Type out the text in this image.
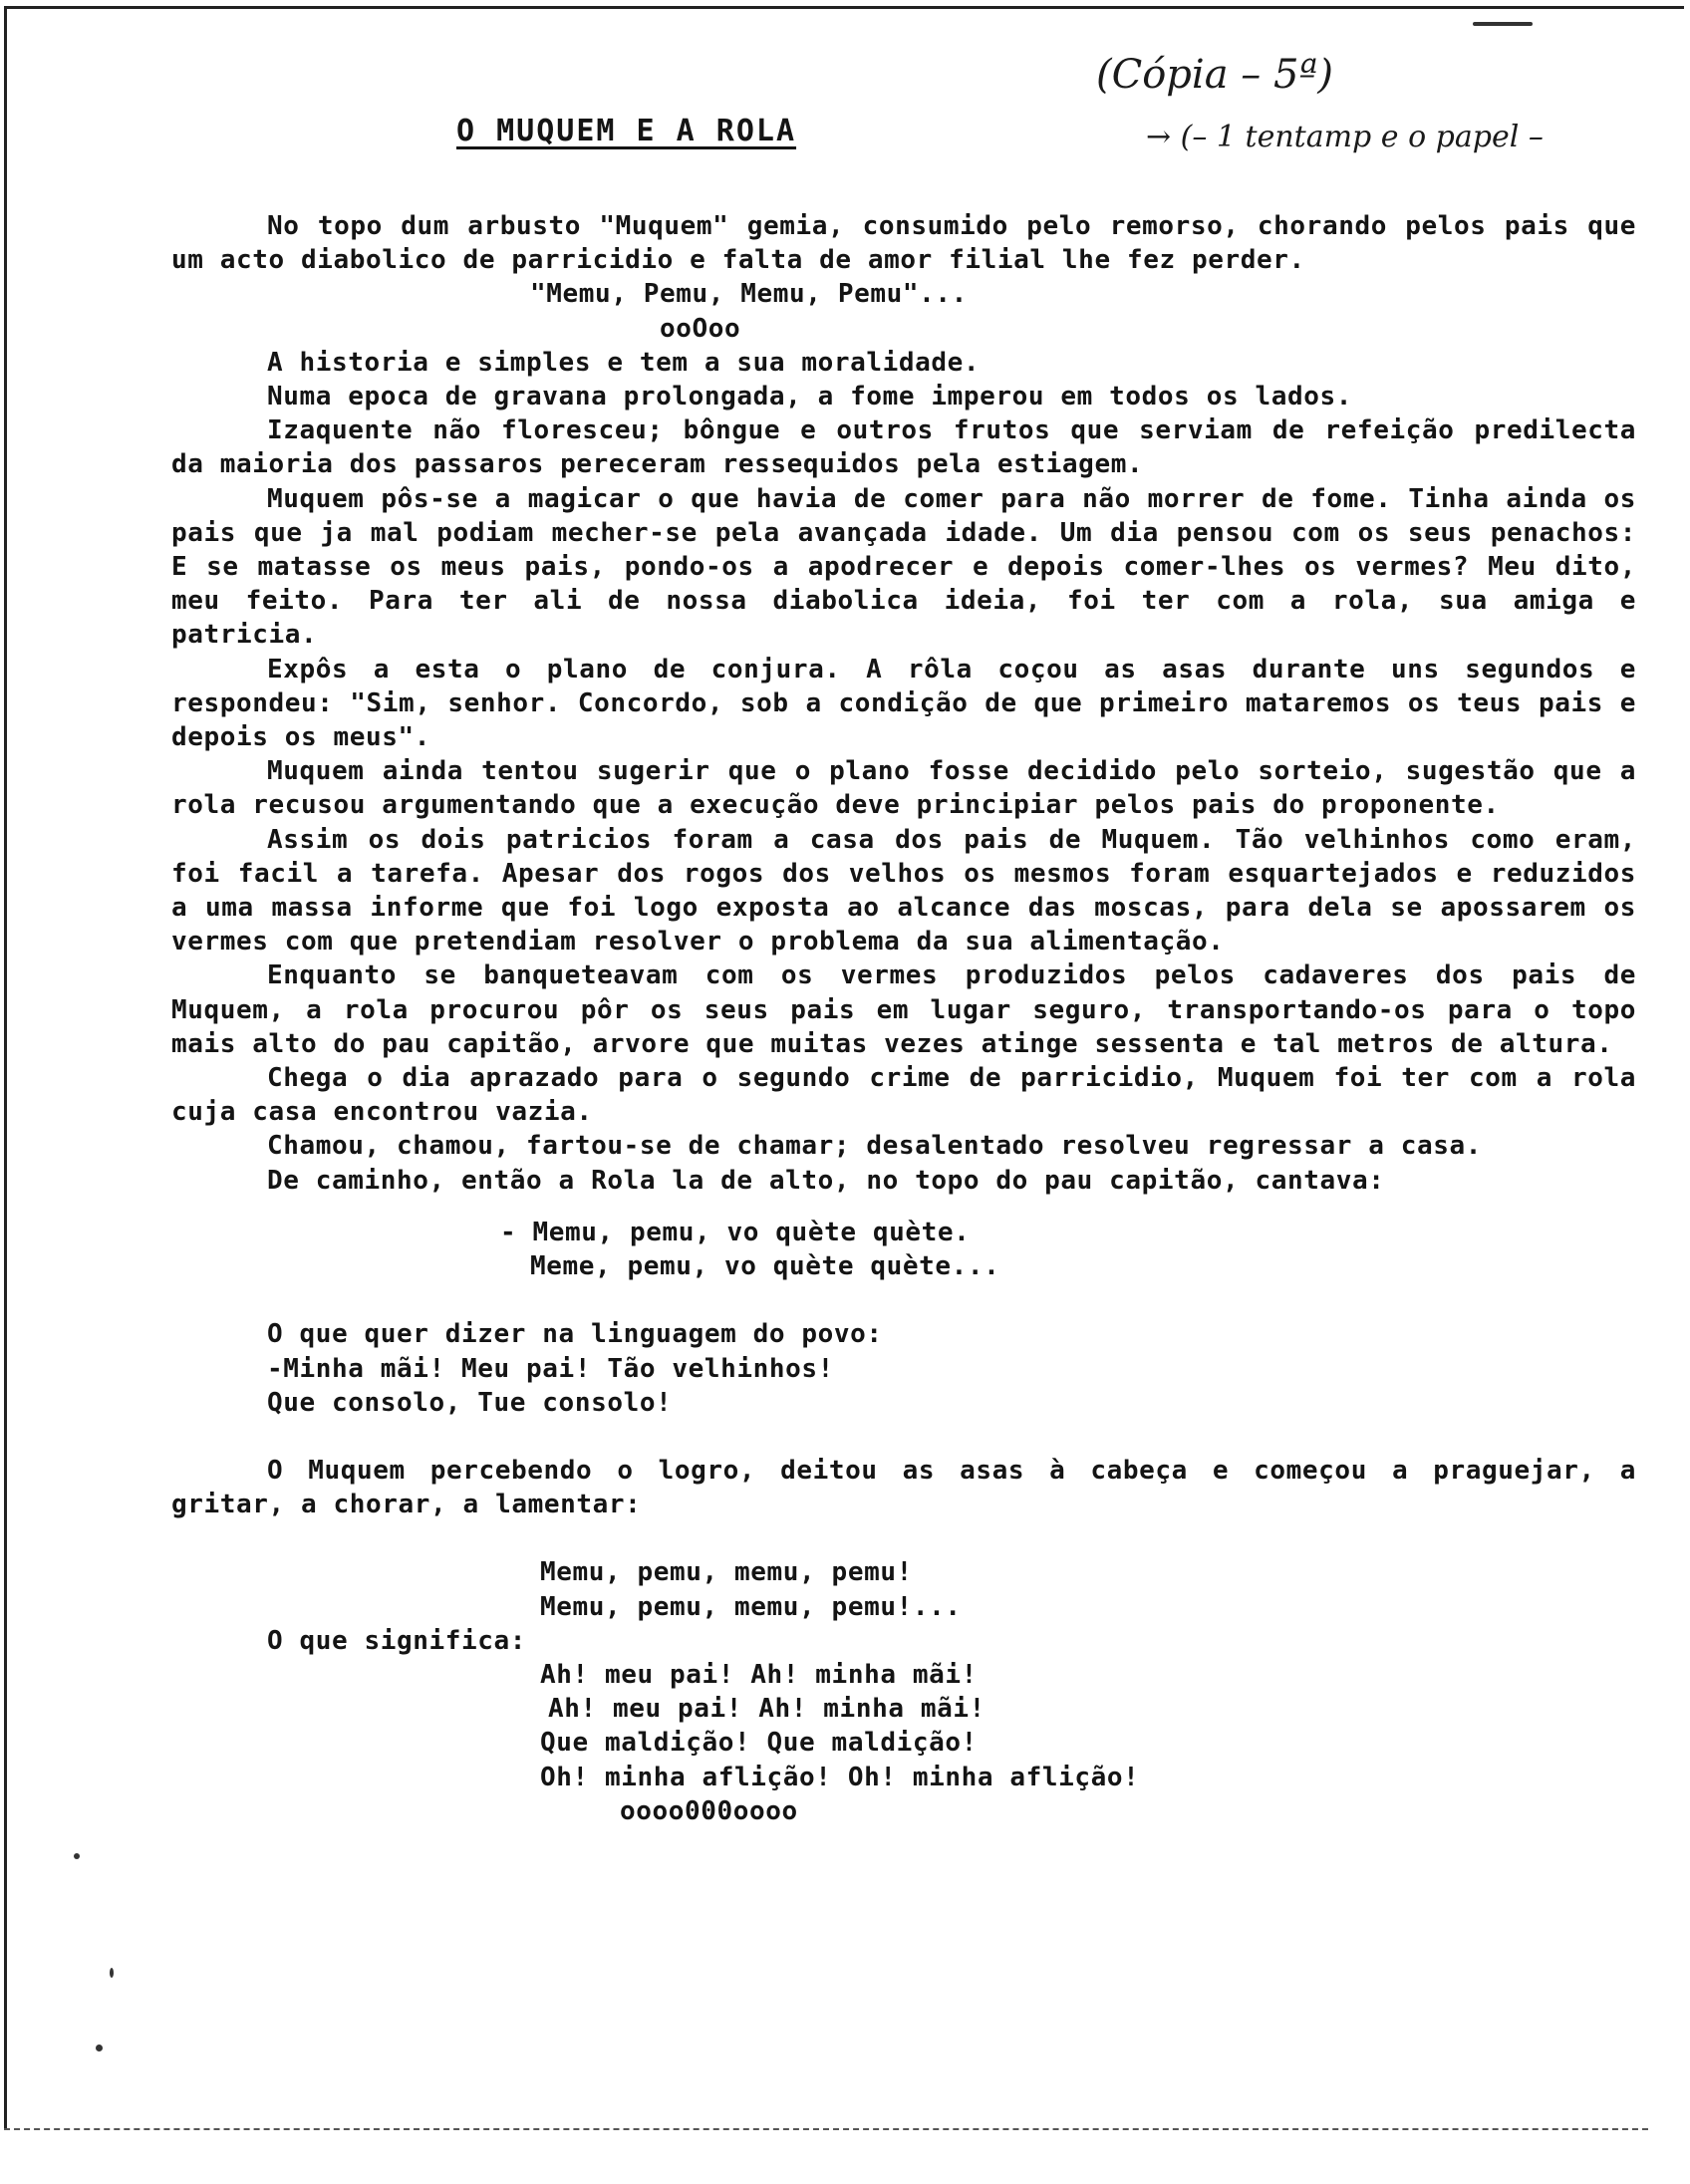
(Cópia – 5ª)
→ (– 1 tentamp e o papel –
O MUQUEM E A ROLA

No topo dum arbusto "Muquem" gemia, consumido pelo remorso, chorando pelos pais que um acto diabolico de parricidio e falta de amor filial lhe fez perder.

"Memu, Pemu, Memu, Pemu"...

ooOoo

A historia e simples e tem a sua moralidade.

Numa epoca de gravana prolongada, a fome imperou em todos os lados.

Izaquente não floresceu; bôngue e outros frutos que serviam de refeição predilecta da maioria dos passaros pereceram ressequidos pela estiagem.

Muquem pôs-se a magicar o que havia de comer para não morrer de fome. Tinha ainda os pais que ja mal podiam mecher-se pela avançada idade. Um dia pensou com os seus penachos: E se matasse os meus pais, pondo-os a apodrecer e depois comer-lhes os vermes? Meu dito, meu feito. Para ter ali de nossa diabolica ideia, foi ter com a rola, sua amiga e patricia.

Expôs a esta o plano de conjura. A rôla coçou as asas durante uns segundos e respondeu: "Sim, senhor. Concordo, sob a condição de que primeiro mataremos os teus pais e depois os meus".

Muquem ainda tentou sugerir que o plano fosse decidido pelo sorteio, sugestão que a rola recusou argumentando que a execução deve principiar pelos pais do proponente.

Assim os dois patricios foram a casa dos pais de Muquem. Tão velhinhos como eram, foi facil a tarefa. Apesar dos rogos dos velhos os mesmos foram esquartejados e reduzidos a uma massa informe que foi logo exposta ao alcance das moscas, para dela se apossarem os vermes com que pretendiam resolver o problema da sua alimentação.

Enquanto se banqueteavam com os vermes produzidos pelos cadaveres dos pais de Muquem, a rola procurou pôr os seus pais em lugar seguro, transportando-os para o topo mais alto do pau capitão, arvore que muitas vezes atinge sessenta e tal metros de altura.

Chega o dia aprazado para o segundo crime de parricidio, Muquem foi ter com a rola cuja casa encontrou vazia.

Chamou, chamou, fartou-se de chamar; desalentado resolveu regressar a casa.

De caminho, então a Rola la de alto, no topo do pau capitão, cantava:

- Memu, pemu, vo quète quète.

Meme, pemu, vo quète quète...

O que quer dizer na linguagem do povo:

-Minha mãi! Meu pai! Tão velhinhos!

Que consolo, Tue consolo!

O Muquem percebendo o logro, deitou as asas à cabeça e começou a praguejar, a gritar, a chorar, a lamentar:

Memu, pemu, memu, pemu!

Memu, pemu, memu, pemu!...

O que significa:

Ah! meu pai! Ah! minha mãi!

Ah! meu pai! Ah! minha mãi!

Que maldição! Que maldição!

Oh! minha aflição! Oh! minha aflição!

oooo000oooo
